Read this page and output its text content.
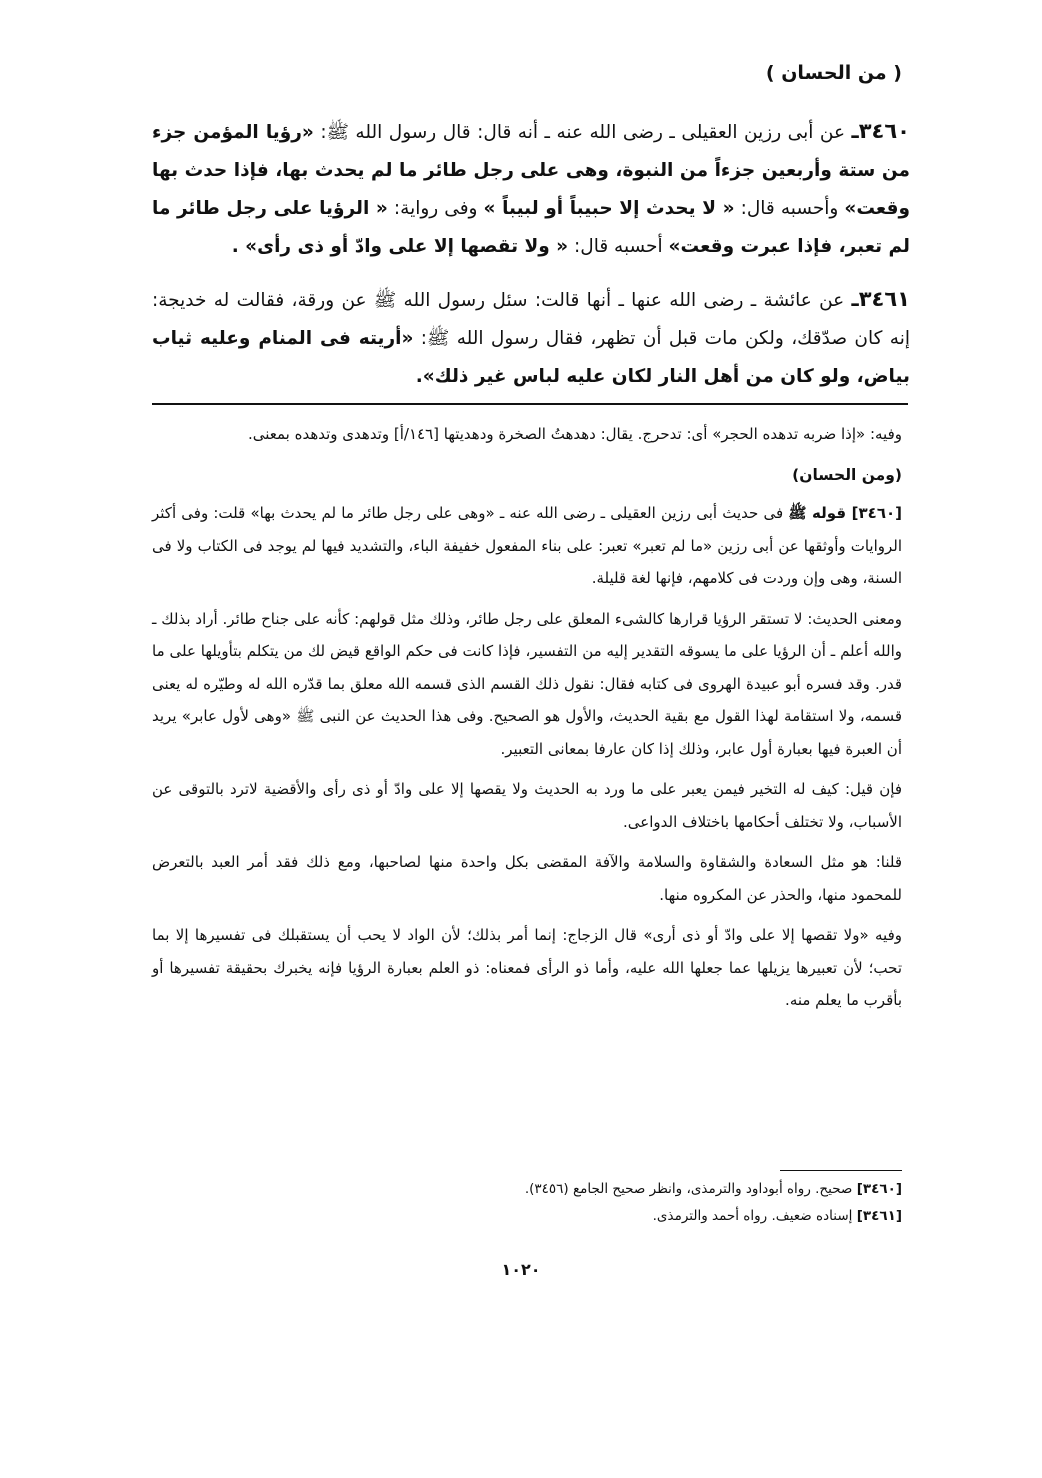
( من الحسان )

٣٤٦٠ـ عن أبى رزين العقيلى ـ رضى الله عنه ـ أنه قال: قال رسول الله ﷺ: «رؤيا المؤمن جزء من ستة وأربعين جزءاً من النبوة، وهى على رجل طائر ما لم يحدث بها، فإذا حدث بها وقعت» وأحسبه قال: « لا يحدث إلا حبيباً أو لبيباً » وفى رواية: « الرؤيا على رجل طائر ما لم تعبر، فإذا عبرت وقعت» أحسبه قال: « ولا تقصها إلا على وادّ أو ذى رأى» .

٣٤٦١ـ عن عائشة ـ رضى الله عنها ـ أنها قالت: سئل رسول الله ﷺ عن ورقة، فقالت له خديجة: إنه كان صدّقك، ولكن مات قبل أن تظهر، فقال رسول الله ﷺ: «أريته فى المنام وعليه ثياب بياض، ولو كان من أهل النار لكان عليه لباس غير ذلك».

وفيه: «إذا ضربه تدهده الحجر» أى: تدحرج. يقال: دهدهتُ الصخرة ودهديتها [١٤٦/أ] وتدهدى وتدهده بمعنى.

(ومن الحسان)

[٣٤٦٠] قوله ﷺ فى حديث أبى رزين العقيلى ـ رضى الله عنه ـ «وهى على رجل طائر ما لم يحدث بها» قلت: وفى أكثر الروايات وأوثقها عن أبى رزين «ما لم تعبر» تعبر: على بناء المفعول خفيفة الباء، والتشديد فيها لم يوجد فى الكتاب ولا فى السنة، وهى وإن وردت فى كلامهم، فإنها لغة قليلة.

ومعنى الحديث: لا تستقر الرؤيا قرارها كالشىء المعلق على رجل طائر، وذلك مثل قولهم: كأنه على جناح طائر. أراد بذلك ـ والله أعلم ـ أن الرؤيا على ما يسوقه التقدير إليه من التفسير، فإذا كانت فى حكم الواقع قيض لك من يتكلم بتأويلها على ما قدر. وقد فسره أبو عبيدة الهروى فى كتابه فقال: نقول ذلك القسم الذى قسمه الله معلق بما قدّره الله له وطيّره له يعنى قسمه، ولا استقامة لهذا القول مع بقية الحديث، والأول هو الصحيح. وفى هذا الحديث عن النبى ﷺ «وهى لأول عابر» يريد أن العبرة فيها بعبارة أول عابر، وذلك إذا كان عارفا بمعانى التعبير.

فإن قيل: كيف له التخير فيمن يعبر على ما ورد به الحديث ولا يقصها إلا على وادّ أو ذى رأى والأقضية لاترد بالتوقى عن الأسباب، ولا تختلف أحكامها باختلاف الدواعى.

قلنا: هو مثل السعادة والشقاوة والسلامة والآفة المقضى بكل واحدة منها لصاحبها، ومع ذلك فقد أمر العبد بالتعرض للمحمود منها، والحذر عن المكروه منها.

وفيه «ولا تقصها إلا على وادّ أو ذى أرى» قال الزجاج: إنما أمر بذلك؛ لأن الواد لا يحب أن يستقبلك فى تفسيرها إلا بما تحب؛ لأن تعبيرها يزيلها عما جعلها الله عليه، وأما ذو الرأى فمعناه: ذو العلم بعبارة الرؤيا فإنه يخبرك بحقيقة تفسيرها أو بأقرب ما يعلم منه.

[٣٤٦٠] صحيح. رواه أبوداود والترمذى، وانظر صحيح الجامع (٣٤٥٦).

[٣٤٦١] إسناده ضعيف. رواه أحمد والترمذى.

١٠٢٠
